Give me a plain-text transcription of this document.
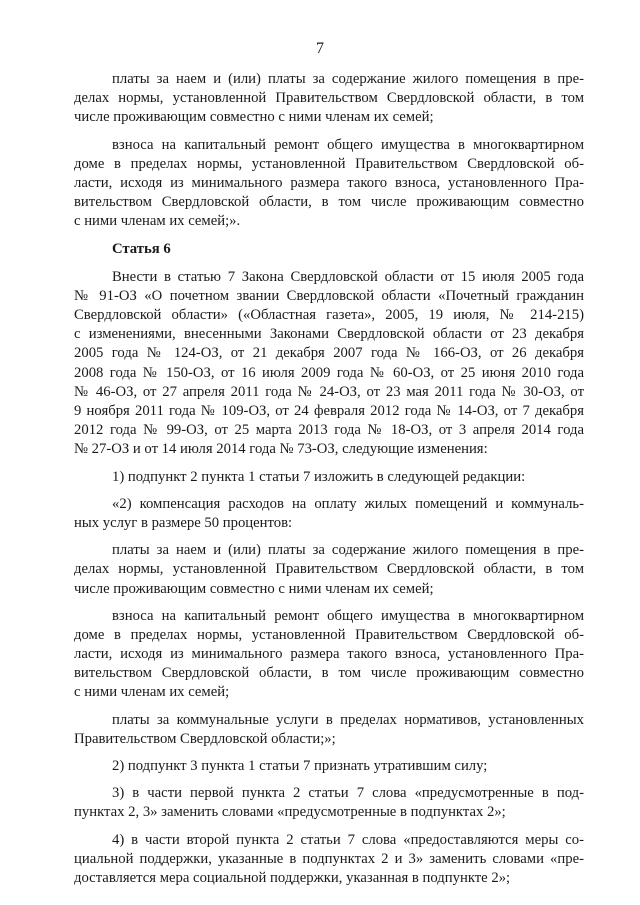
7
платы за наем и (или) платы за содержание жилого помещения в пре-
делах нормы, установленной Правительством Свердловской области, в том
числе проживающим совместно с ними членам их семей;
взноса на капитальный ремонт общего имущества в многоквартирном
доме в пределах нормы, установленной Правительством Свердловской об-
ласти, исходя из минимального размера такого взноса, установленного Пра-
вительством Свердловской области, в том числе проживающим совместно
с ними членам их семей;».
Статья 6
Внести в статью 7 Закона Свердловской области от 15 июля 2005 года
№ 91-ОЗ «О почетном звании Свердловской области «Почетный гражданин
Свердловской области» («Областная газета», 2005, 19 июля, № 214-215)
с изменениями, внесенными Законами Свердловской области от 23 декабря
2005 года № 124-ОЗ, от 21 декабря 2007 года № 166-ОЗ, от 26 декабря
2008 года № 150-ОЗ, от 16 июля 2009 года № 60-ОЗ, от 25 июня 2010 года
№ 46-ОЗ, от 27 апреля 2011 года № 24-ОЗ, от 23 мая 2011 года № 30-ОЗ, от
9 ноября 2011 года № 109-ОЗ, от 24 февраля 2012 года № 14-ОЗ, от 7 декабря
2012 года № 99-ОЗ, от 25 марта 2013 года № 18-ОЗ, от 3 апреля 2014 года
№ 27-ОЗ и от 14 июля 2014 года № 73-ОЗ, следующие изменения:
1) подпункт 2 пункта 1 статьи 7 изложить в следующей редакции:
«2) компенсация расходов на оплату жилых помещений и коммуналь-
ных услуг в размере 50 процентов:
платы за наем и (или) платы за содержание жилого помещения в пре-
делах нормы, установленной Правительством Свердловской области, в том
числе проживающим совместно с ними членам их семей;
взноса на капитальный ремонт общего имущества в многоквартирном
доме в пределах нормы, установленной Правительством Свердловской об-
ласти, исходя из минимального размера такого взноса, установленного Пра-
вительством Свердловской области, в том числе проживающим совместно
с ними членам их семей;
платы за коммунальные услуги в пределах нормативов, установленных
Правительством Свердловской области;»;
2) подпункт 3 пункта 1 статьи 7 признать утратившим силу;
3) в части первой пункта 2 статьи 7 слова «предусмотренные в под-
пунктах 2, 3» заменить словами «предусмотренные в подпунктах 2»;
4) в части второй пункта 2 статьи 7 слова «предоставляются меры со-
циальной поддержки, указанные в подпунктах 2 и 3» заменить словами «пре-
доставляется мера социальной поддержки, указанная в подпункте 2»;
